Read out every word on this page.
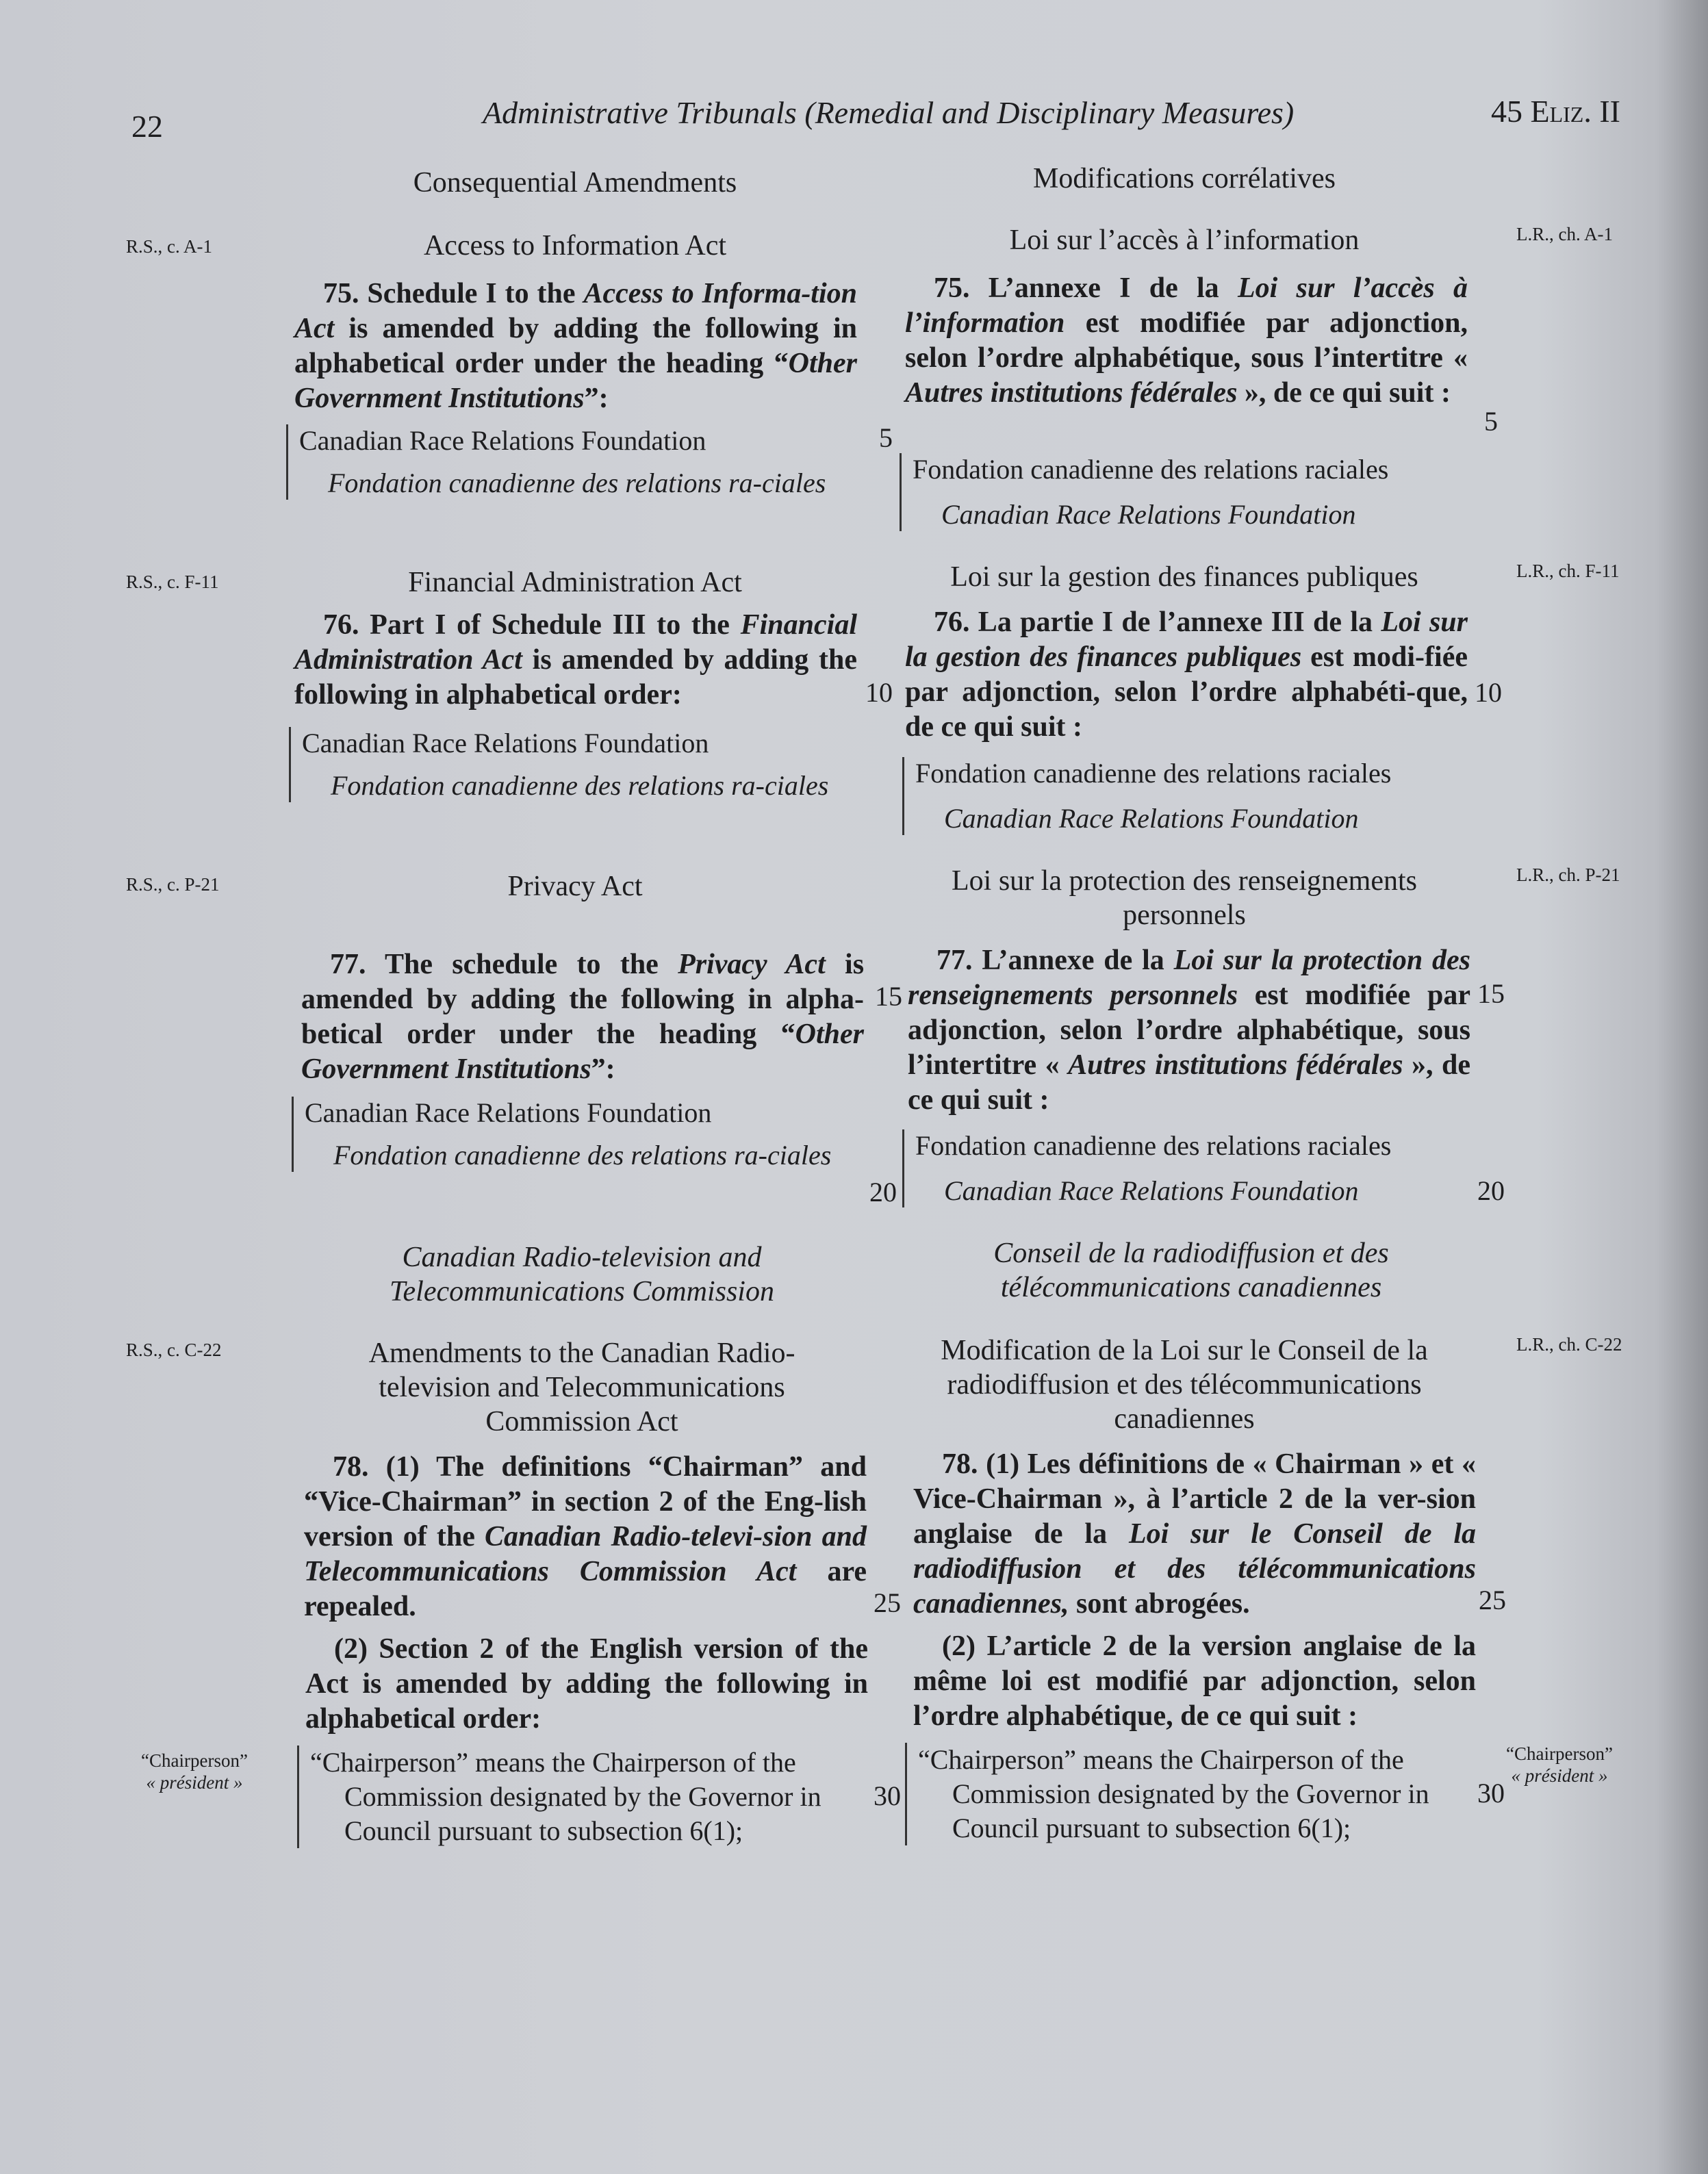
22	Administrative Tribunals (Remedial and Disciplinary Measures)	45 Eliz. II
Consequential Amendments	Modifications corrélatives
R.S., c. A-1
L.R., ch. A-1
Access to Information Act	Loi sur l’accès à l’information
75. Schedule I to the Access to Informa-tion Act is amended by adding the following in alphabetical order under the heading “Other Government Institutions”:
75. L’annexe I de la Loi sur l’accès à l’information est modifiée par adjonction, selon l’ordre alphabétique, sous l’intertitre « Autres institutions fédérales », de ce qui suit :
Canadian Race Relations Foundation
Fondation canadienne des relations ra-ciales
5
5
Fondation canadienne des relations raciales
Canadian Race Relations Foundation
R.S., c. F-11
L.R., ch. F-11
Financial Administration Act	Loi sur la gestion des finances publiques
76. Part I of Schedule III to the Financial Administration Act is amended by adding the following in alphabetical order:
76. La partie I de l’annexe III de la Loi sur la gestion des finances publiques est modi-fiée par adjonction, selon l’ordre alphabéti-que, de ce qui suit :
10	10
Canadian Race Relations Foundation
Fondation canadienne des relations ra-ciales	Fondation canadienne des relations raciales
Canadian Race Relations Foundation
R.S., c. P-21	L.R., ch. P-21
Privacy Act	Loi sur la protection des renseignements personnels
77. The schedule to the Privacy Act is amended by adding the following in alpha-betical order under the heading “Other Government Institutions”:
77. L’annexe de la Loi sur la protection des renseignements personnels est modifiée par adjonction, selon l’ordre alphabétique, sous l’intertitre « Autres institutions fédérales », de ce qui suit :
15	15
Canadian Race Relations Foundation
Fondation canadienne des relations ra-ciales
20
Fondation canadienne des relations raciales
Canadian Race Relations Foundation	20
Canadian Radio-television and Telecommunications Commission
Conseil de la radiodiffusion et des télécommunications canadiennes
R.S., c. C-22	L.R., ch. C-22
Amendments to the Canadian Radio-television and Telecommunications Commission Act
Modification de la Loi sur le Conseil de la radiodiffusion et des télécommunications canadiennes
78. (1) The definitions “Chairman” and “Vice-Chairman” in section 2 of the Eng-lish version of the Canadian Radio-televi-sion and Telecommunications Commission Act are repealed.	25
78. (1) Les définitions de « Chairman » et « Vice-Chairman », à l’article 2 de la ver-sion anglaise de la Loi sur le Conseil de la radiodiffusion et des télécommunications canadiennes, sont abrogées.	25
(2) Section 2 of the English version of the Act is amended by adding the following in alphabetical order:
(2) L’article 2 de la version anglaise de la même loi est modifié par adjonction, selon l’ordre alphabétique, de ce qui suit :
“Chairperson”
« président »
“Chairperson”
« président »
“Chairperson” means the Chairperson of the
Commission designated by the Governor in
Council pursuant to subsection 6(1);
30
“Chairperson” means the Chairperson of the
Commission designated by the Governor in
Council pursuant to subsection 6(1);
30
